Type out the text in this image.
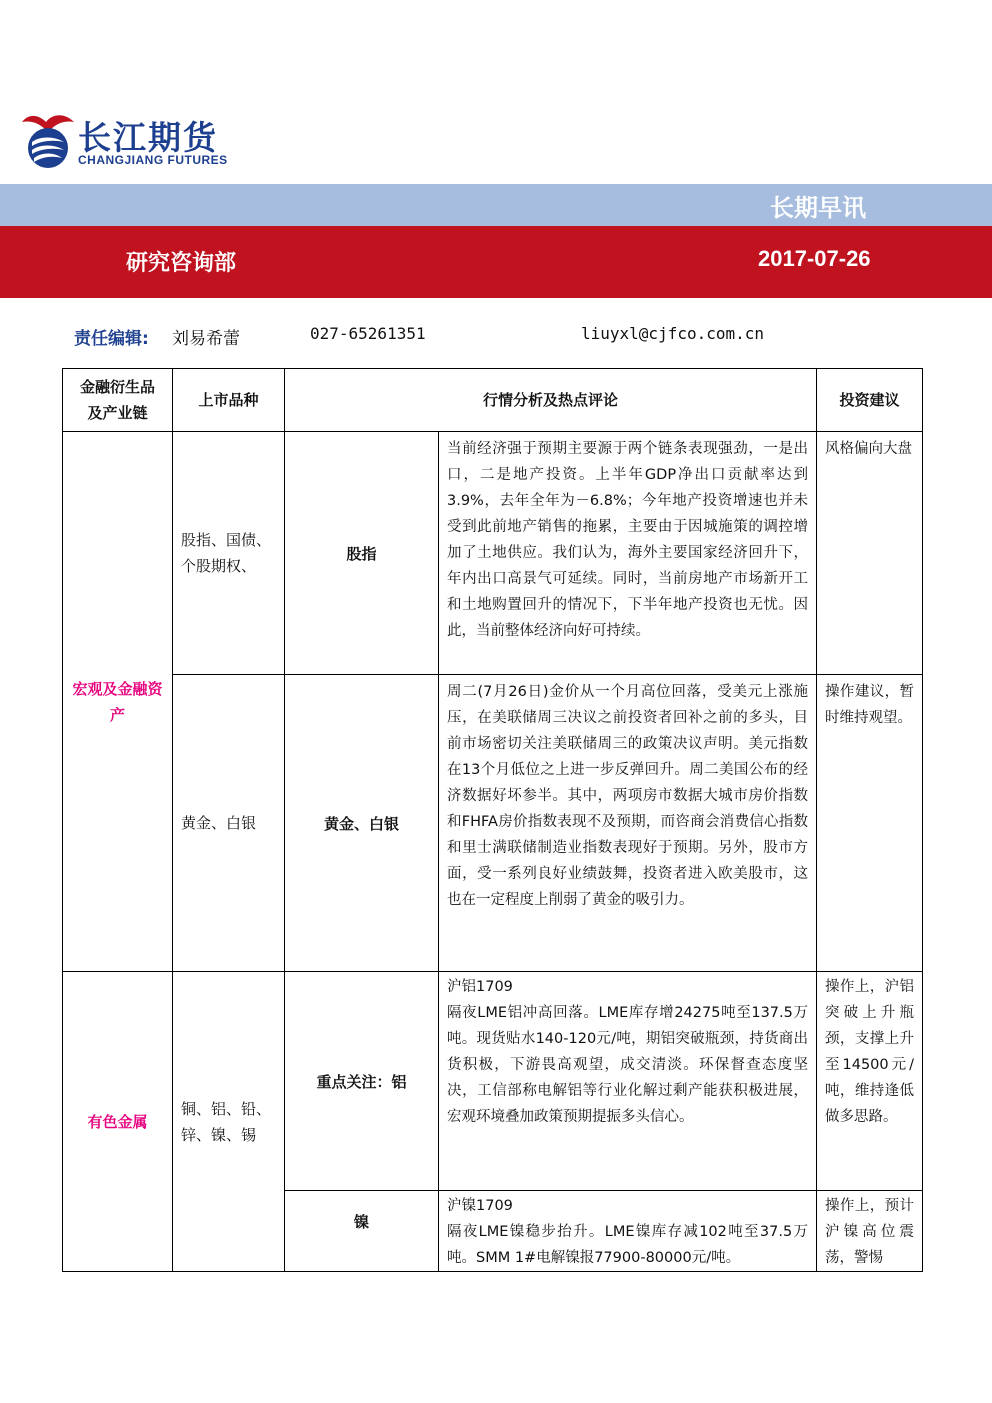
长江期货
CHANGJIANG FUTURES
长期早讯
研究咨询部	2017-07-26
责任编辑: 刘易希蕾	027-65261351	liuyxl@cjfco.com.cn
金融衍生品及产业链	上市品种	行情分析及热点评论		投资建议

宏观及金融资产	股指、国债、个股期权、	股指	当前经济强于预期主要源于两个链条表现强劲，一是出口，二是地产投资。上半年GDP净出口贡献率达到3.9%，去年全年为－6.8%；今年地产投资增速也并未受到此前地产销售的拖累，主要由于因城施策的调控增加了土地供应。我们认为，海外主要国家经济回升下，年内出口高景气可延续。同时，当前房地产市场新开工和土地购置回升的情况下，下半年地产投资也无忧。因此，当前整体经济向好可持续。	风格偏向大盘

	黄金、白银	黄金、白银	周二(7月26日)金价从一个月高位回落，受美元上涨施压，在美联储周三决议之前投资者回补之前的多头，目前市场密切关注美联储周三的政策决议声明。美元指数在13个月低位之上进一步反弹回升。周二美国公布的经济数据好坏参半。其中，两项房市数据大城市房价指数和FHFA房价指数表现不及预期，而咨商会消费信心指数和里士满联储制造业指数表现好于预期。另外，股市方面，受一系列良好业绩鼓舞，投资者进入欧美股市，这也在一定程度上削弱了黄金的吸引力。	操作建议，暂时维持观望。

有色金属	铜、铝、铅、锌、镍、锡	重点关注：铝	沪铝1709
隔夜LME铝冲高回落。LME库存增24275吨至137.5万吨。现货贴水140-120元/吨，期铝突破瓶颈，持货商出货积极，下游畏高观望，成交清淡。环保督查态度坚决，工信部称电解铝等行业化解过剩产能获积极进展，宏观环境叠加政策预期提振多头信心。	操作上，沪铝突破上升瓶颈，支撑上升至14500元/吨，维持逢低做多思路。

		镍	沪镍1709
隔夜LME镍稳步抬升。LME镍库存减102吨至37.5万吨。SMM 1#电解镍报77900-80000元/吨。	操作上，预计沪镍高位震荡，警惕
